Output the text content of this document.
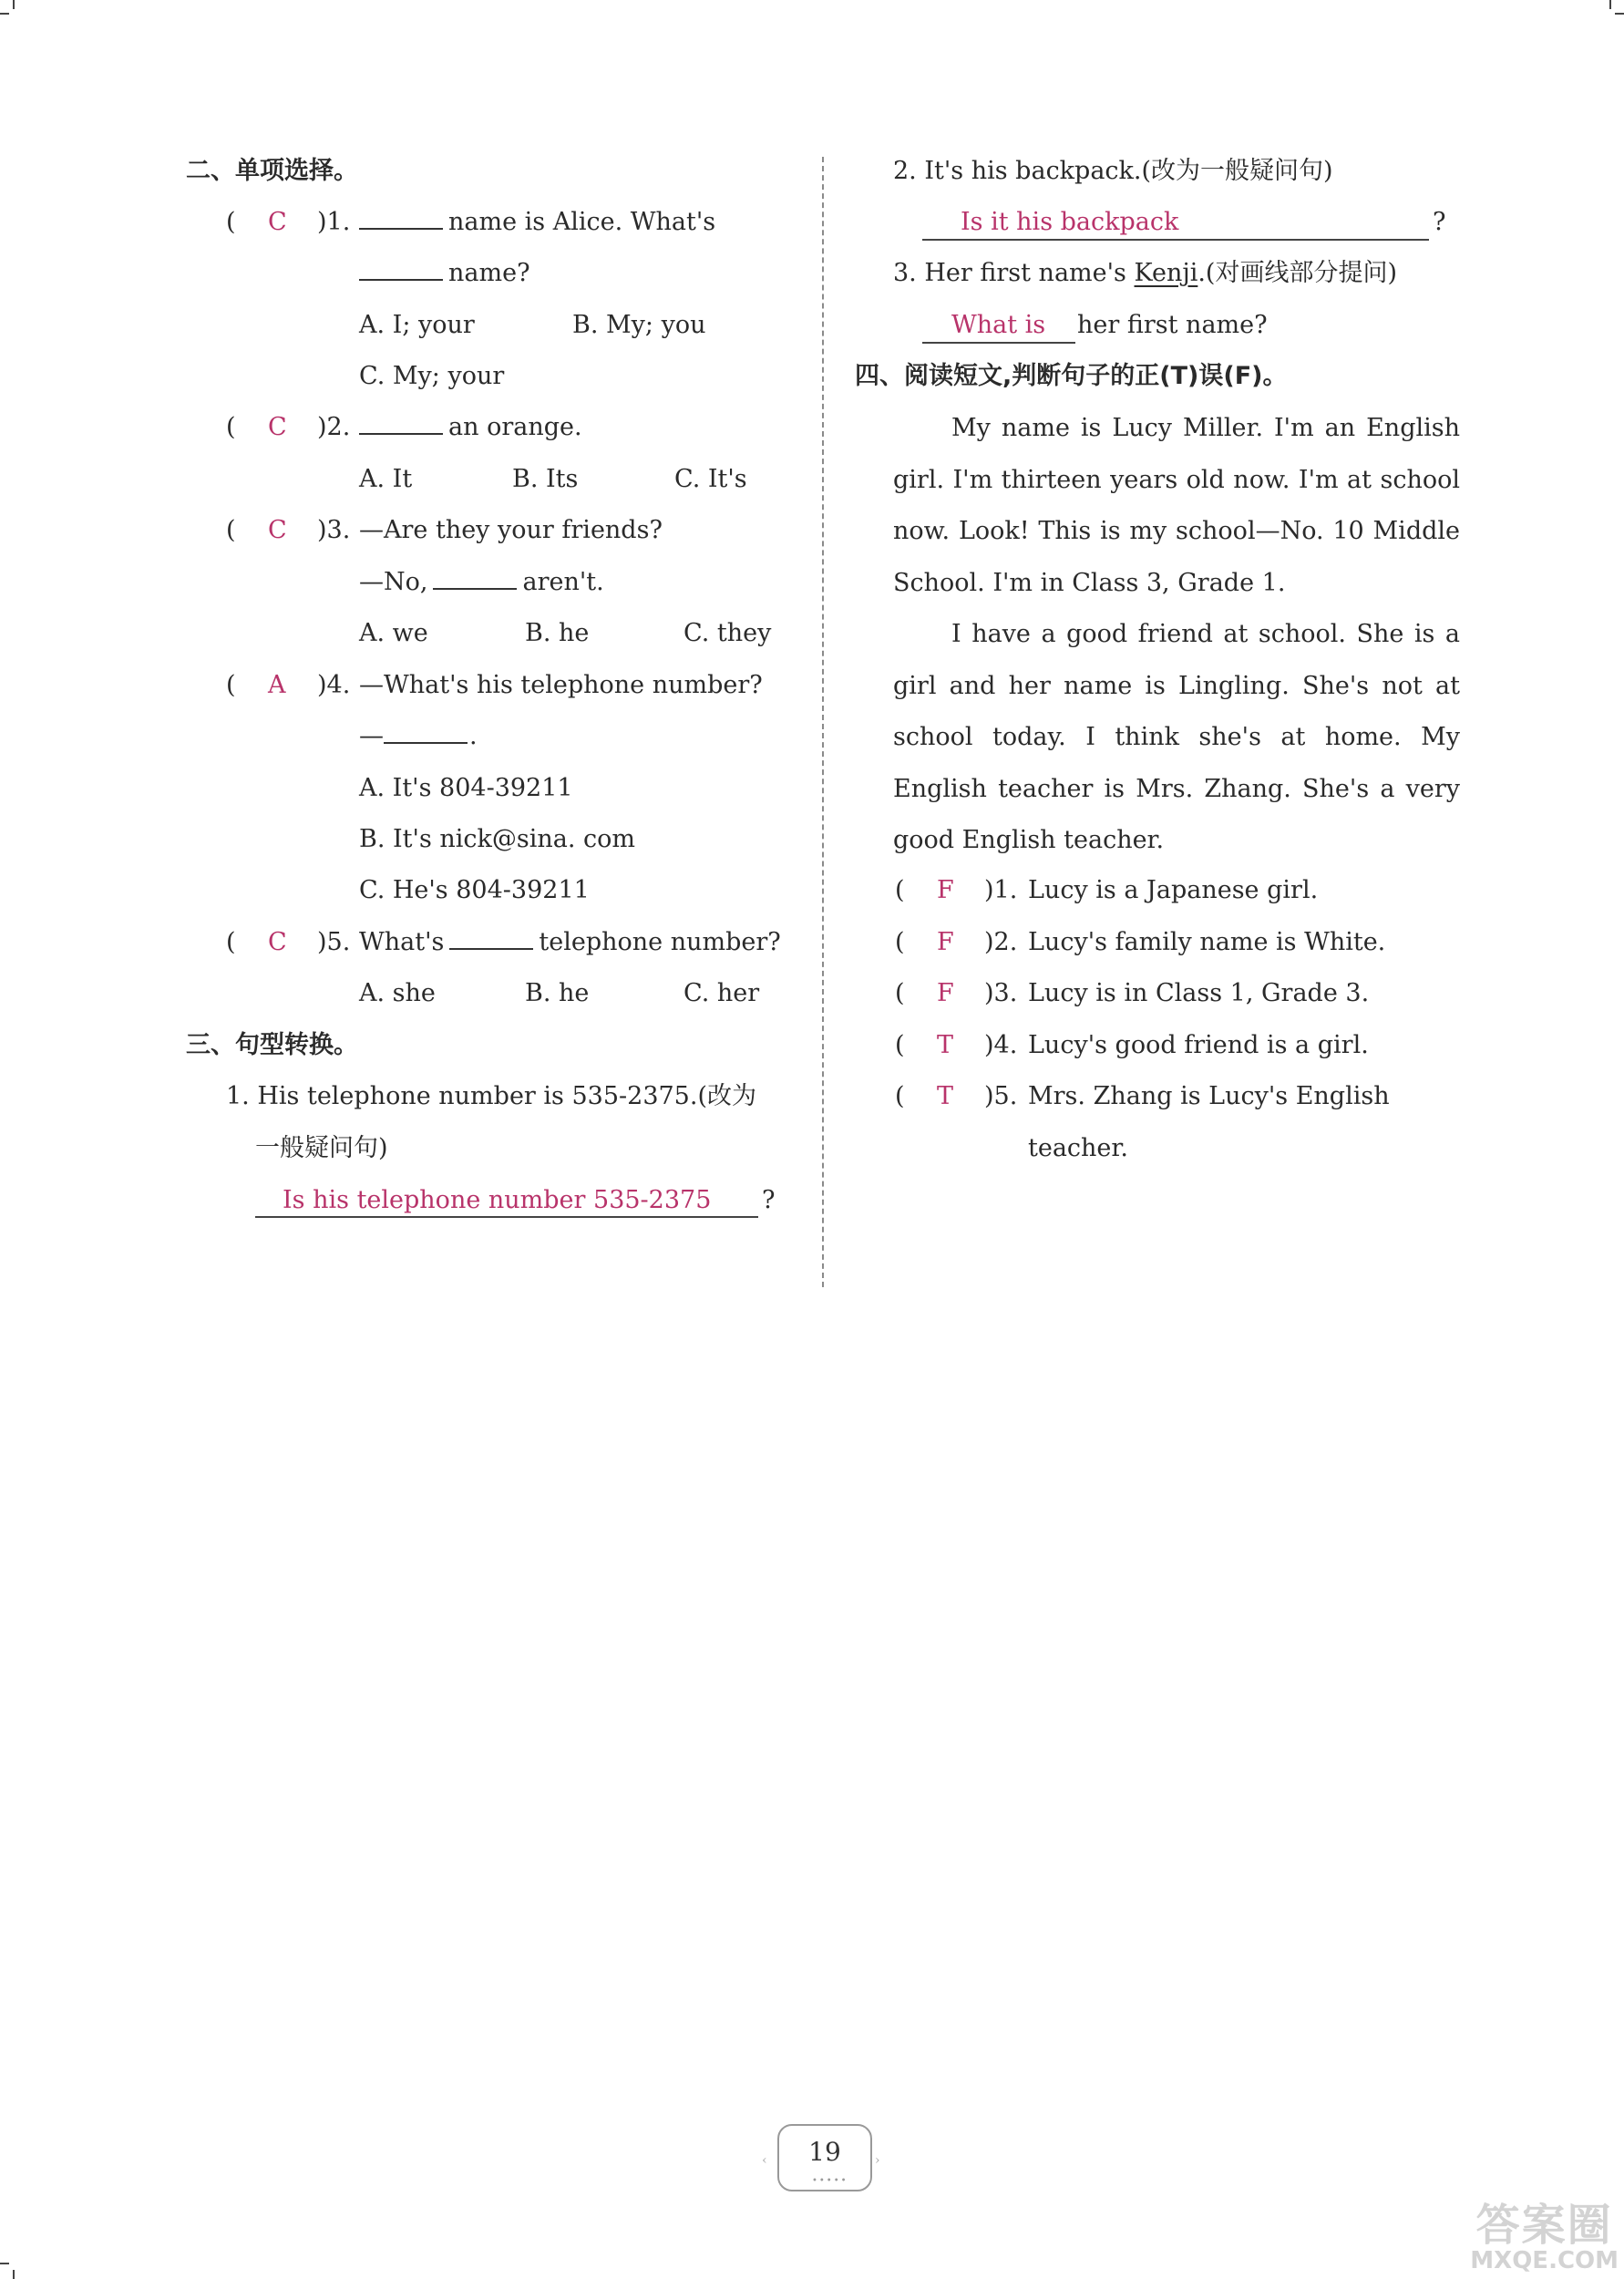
二、单项选择。
( C )1.	name is Alice. What's
name?
A. I; your	B. My; you
C. My; your
( C )2.	an orange.
A. It	B. Its	C. It's
( C )3. —Are they your friends?
—No,	aren't.
A. we	B. he	C. they
( A )4. —What's his telephone number?
—	.
A. It's 804-39211
B. It's nick@sina. com
C. He's 804-39211
( C )5. What's	telephone number?
A. she	B. he	C. her
三、句型转换。
1. His telephone number is 535-2375.(改为
一般疑问句)
Is his telephone number 535-2375 ?
2. It's his backpack.(改为一般疑问句)
Is it his backpack	?
3. Her first name's Kenji.(对画线部分提问)
What is her first name?
四、阅读短文,判断句子的正(T)误(F)。
My name is Lucy Miller. I'm an English girl. I'm thirteen years old now. I'm at school now. Look! This is my school—No. 10 Middle School. I'm in Class 3, Grade 1.
I have a good friend at school. She is a girl and her name is Lingling. She's not at school today. I think she's at home. My English teacher is Mrs. Zhang. She's a very good English teacher.
( F )1. Lucy is a Japanese girl.
( F )2. Lucy's family name is White.
( F )3. Lucy is in Class 1, Grade 3.
( T )4. Lucy's good friend is a girl.
( T )5. Mrs. Zhang is Lucy's English
teacher.
‹	19
•••••
›
答案圈
MXQE.COM
